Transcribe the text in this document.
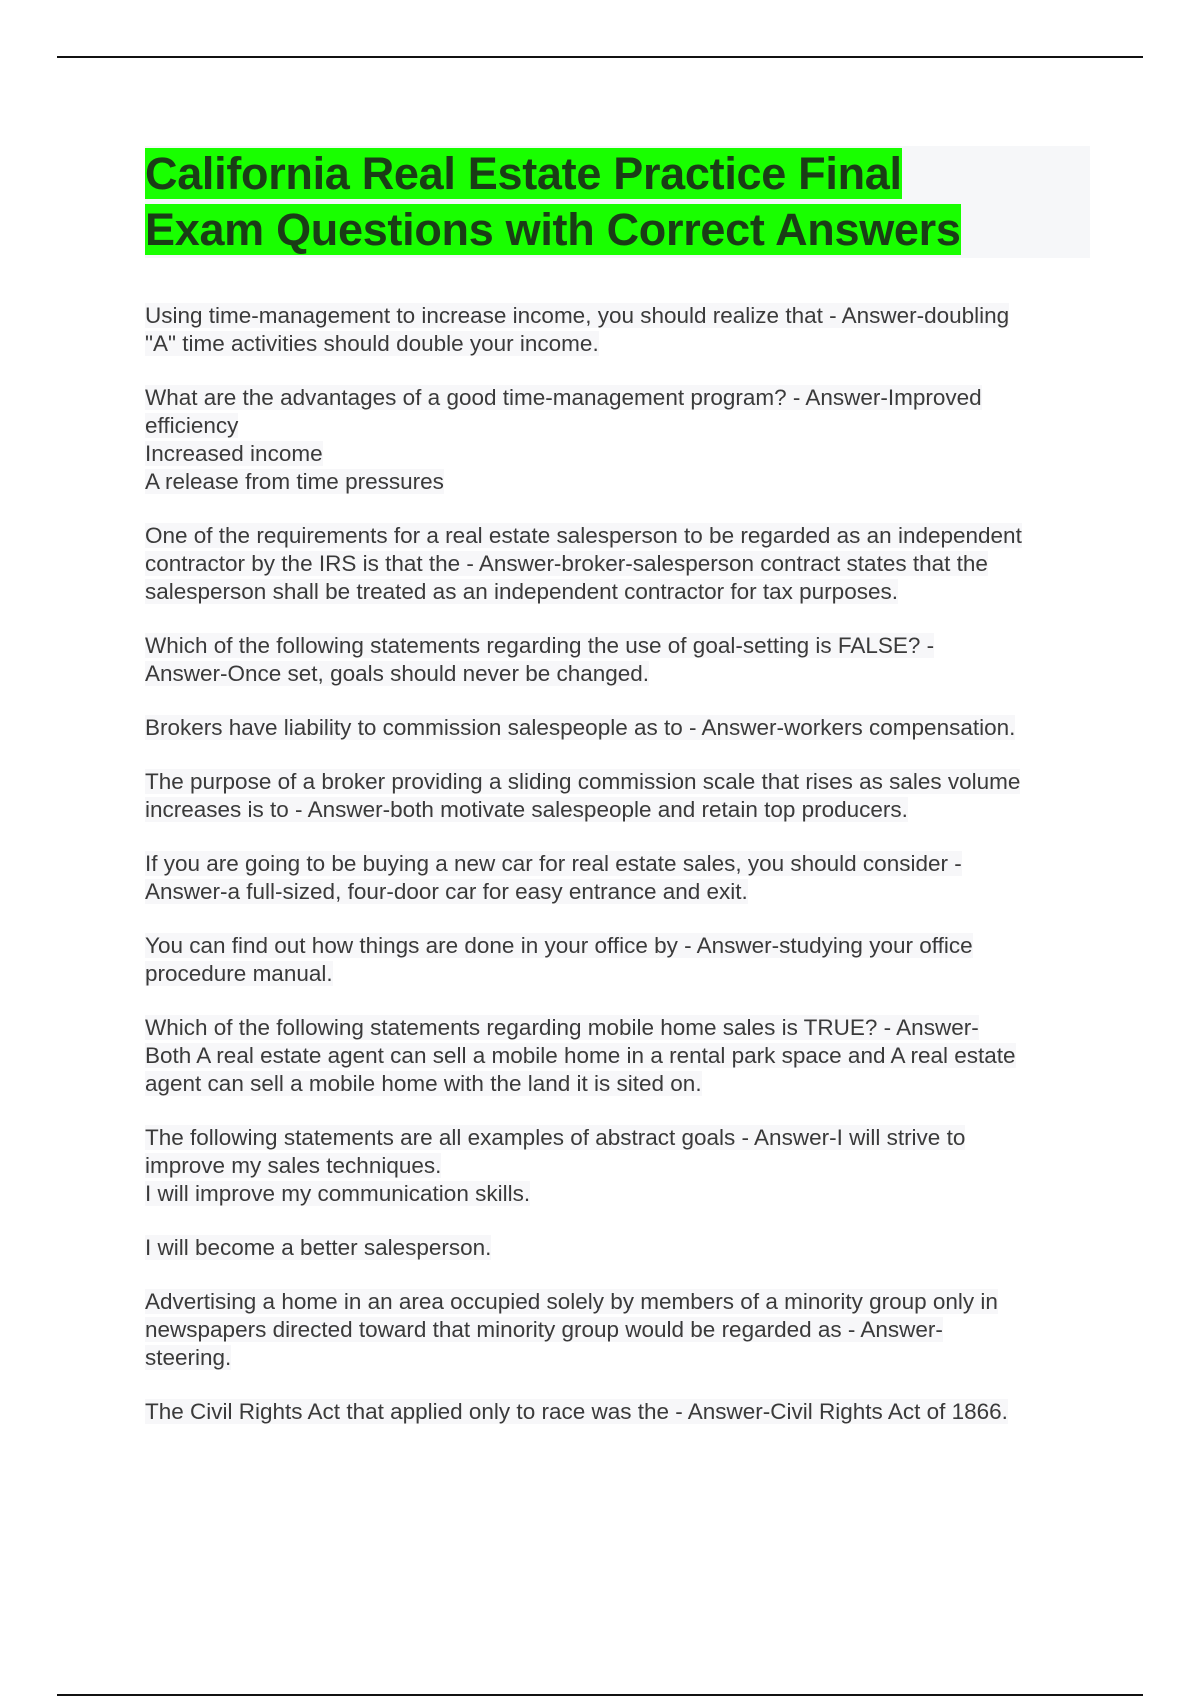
California Real Estate Practice Final
Exam Questions with Correct Answers
Using time-management to increase income, you should realize that - Answer-doubling
"A" time activities should double your income.
What are the advantages of a good time-management program? - Answer-Improved
efficiency
Increased income
A release from time pressures
One of the requirements for a real estate salesperson to be regarded as an independent
contractor by the IRS is that the - Answer-broker-salesperson contract states that the
salesperson shall be treated as an independent contractor for tax purposes.
Which of the following statements regarding the use of goal-setting is FALSE? -
Answer-Once set, goals should never be changed.
Brokers have liability to commission salespeople as to - Answer-workers compensation.
The purpose of a broker providing a sliding commission scale that rises as sales volume
increases is to - Answer-both motivate salespeople and retain top producers.
If you are going to be buying a new car for real estate sales, you should consider -
Answer-a full-sized, four-door car for easy entrance and exit.
You can find out how things are done in your office by - Answer-studying your office
procedure manual.
Which of the following statements regarding mobile home sales is TRUE? - Answer-
Both A real estate agent can sell a mobile home in a rental park space and A real estate
agent can sell a mobile home with the land it is sited on.
The following statements are all examples of abstract goals - Answer-I will strive to
improve my sales techniques.
I will improve my communication skills.
I will become a better salesperson.
Advertising a home in an area occupied solely by members of a minority group only in
newspapers directed toward that minority group would be regarded as - Answer-
steering.
The Civil Rights Act that applied only to race was the - Answer-Civil Rights Act of 1866.
